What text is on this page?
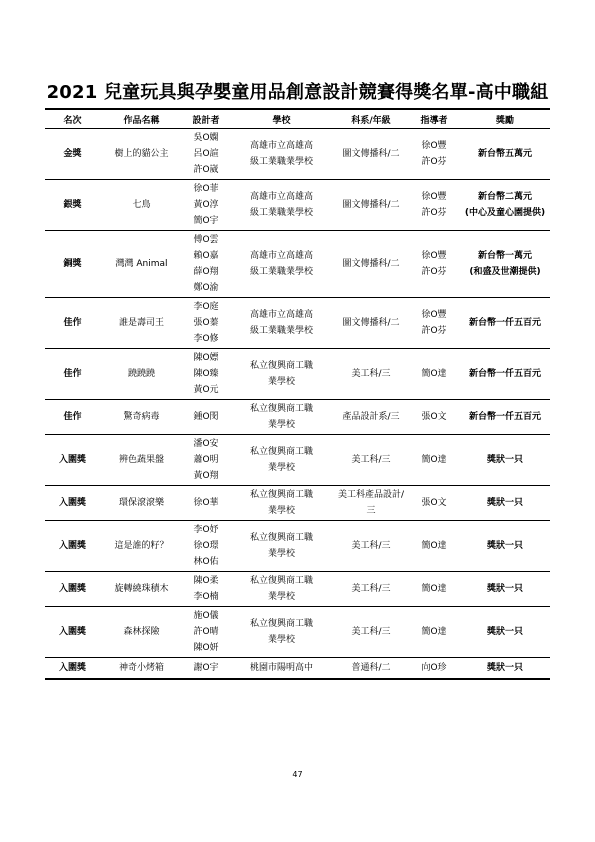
2021 兒童玩具與孕嬰童用品創意設計競賽得獎名單-高中職組
名次	作品名稱	設計者	學校	科系/年級	指導者	獎勵
金獎	樹上的貓公主	吳O嫻
呂O諠
許O崴	高雄市立高雄高
級工業職業學校	圖文傳播科/二	徐O豐
許O芬	新台幣五萬元

銀獎	七鳥	徐O菲
黃O淳
簡O宇	高雄市立高雄高
級工業職業學校	圖文傳播科/二	徐O豐
許O芬	新台幣二萬元
(中心及童心園提供)

銅獎	灣灣 Animal	傅O雲
賴O嘉
薛O翔
鄭O渝	高雄市立高雄高
級工業職業學校	圖文傳播科/二	徐O豐
許O芬	新台幣一萬元
(和盛及世潮提供)

佳作	誰是壽司王	李O庭
張O蓁
李O修	高雄市立高雄高
級工業職業學校	圖文傳播科/二	徐O豐
許O芬	新台幣一仟五百元

佳作	蹺蹺蹺	陳O嫖
陳O臻
黃O元	私立復興商工職
業學校	美工科/三	簡O達	新台幣一仟五百元

佳作	驚奇病毒	鍾O閔	私立復興商工職
業學校	產品設計系/三	張O文	新台幣一仟五百元

入圍獎	辨色蔬果盤	潘O安
蕭O明
黃O翔	私立復興商工職
業學校	美工科/三	簡O達	獎狀一只

入圍獎	環保滾滾樂	徐O華	私立復興商工職
業學校	美工科產品設計/
三	張O文	獎狀一只

入圍獎	這是誰的籽？	李O妤
徐O璟
林O佑	私立復興商工職
業學校	美工科/三	簡O達	獎狀一只

入圍獎	旋轉繞珠積木	陳O柔
李O楠	私立復興商工職
業學校	美工科/三	簡O達	獎狀一只

入圍獎	森林探險	施O儀
許O晴
陳O妍	私立復興商工職
業學校	美工科/三	簡O達	獎狀一只

入圍獎	神奇小烤箱	謝O宇	桃園市陽明高中	普通科/二	向O珍	獎狀一只
47
